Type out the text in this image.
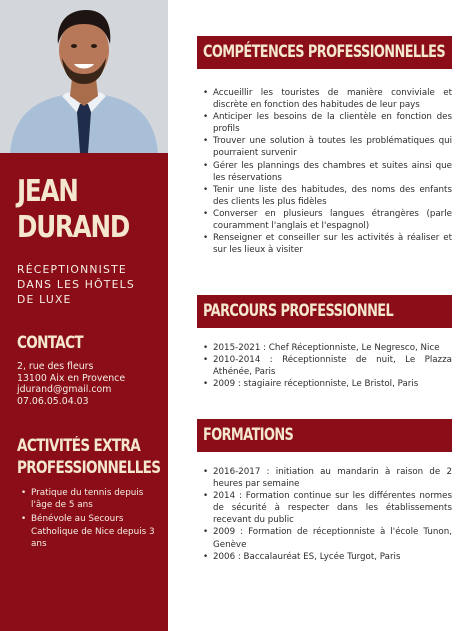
JEAN
DURAND
RÉCEPTIONNISTE
DANS LES HÔTELS
DE LUXE
CONTACT
2, rue des fleurs
13100 Aix en Provence
jdurand@gmail.com
07.06.05.04.03
ACTIVITÉS EXTRA
PROFESSIONNELLES
• Pratique du tennis depuis l'âge de 5 ans
• Bénévole au Secours Catholique de Nice depuis 3 ans
COMPÉTENCES PROFESSIONNELLES
• Accueillir les touristes de manière conviviale et discrète en fonction des habitudes de leur pays
• Anticiper les besoins de la clientèle en fonction des profils
• Trouver une solution à toutes les problématiques qui pourraient survenir
• Gérer les plannings des chambres et suites ainsi que les réservations
• Tenir une liste des habitudes, des noms des enfants des clients les plus fidèles
• Converser en plusieurs langues étrangères (parle couramment l'anglais et l'espagnol)
• Renseigner et conseiller sur les activités à réaliser et sur les lieux à visiter
PARCOURS PROFESSIONNEL
• 2015-2021 : Chef Réceptionniste, Le Negresco, Nice
• 2010-2014 : Réceptionniste de nuit, Le Plazza Athénée, Paris
• 2009 : stagiaire réceptionniste, Le Bristol, Paris
FORMATIONS
• 2016-2017 : initiation au mandarin à raison de 2 heures par semaine
• 2014 : Formation continue sur les différentes normes de sécurité à respecter dans les établissements recevant du public
• 2009 : Formation de réceptionniste à l'école Tunon, Genève
• 2006 : Baccalauréat ES, Lycée Turgot, Paris
